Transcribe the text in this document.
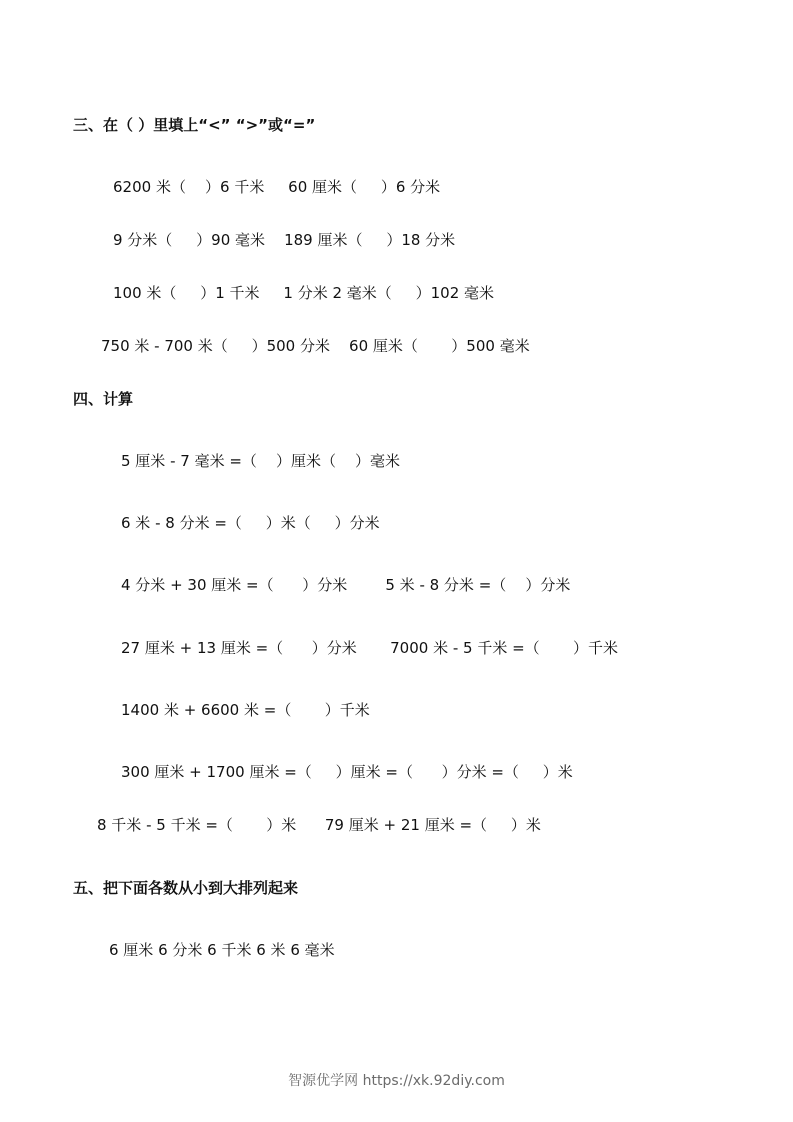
三、在（ ）里填上“<” “>”或“=”
6200 米（    ）6 千米     60 厘米（     ）6 分米
9 分米（     ）90 毫米    189 厘米（     ）18 分米
100 米（     ）1 千米     1 分米 2 毫米（     ）102 毫米
750 米 - 700 米（     ）500 分米    60 厘米（       ）500 毫米
四、计算
5 厘米 - 7 毫米 =（    ）厘米（    ）毫米
6 米 - 8 分米 =（     ）米（     ）分米
4 分米 + 30 厘米 =（      ）分米        5 米 - 8 分米 =（    ）分米
27 厘米 + 13 厘米 =（      ）分米       7000 米 - 5 千米 =（       ）千米
1400 米 + 6600 米 =（       ）千米
300 厘米 + 1700 厘米 =（     ）厘米 =（      ）分米 =（     ）米
8 千米 - 5 千米 =（       ）米      79 厘米 + 21 厘米 =（     ）米
五、把下面各数从小到大排列起来
6 厘米 6 分米 6 千米 6 米 6 毫米
智源优学网 https://xk.92diy.com
